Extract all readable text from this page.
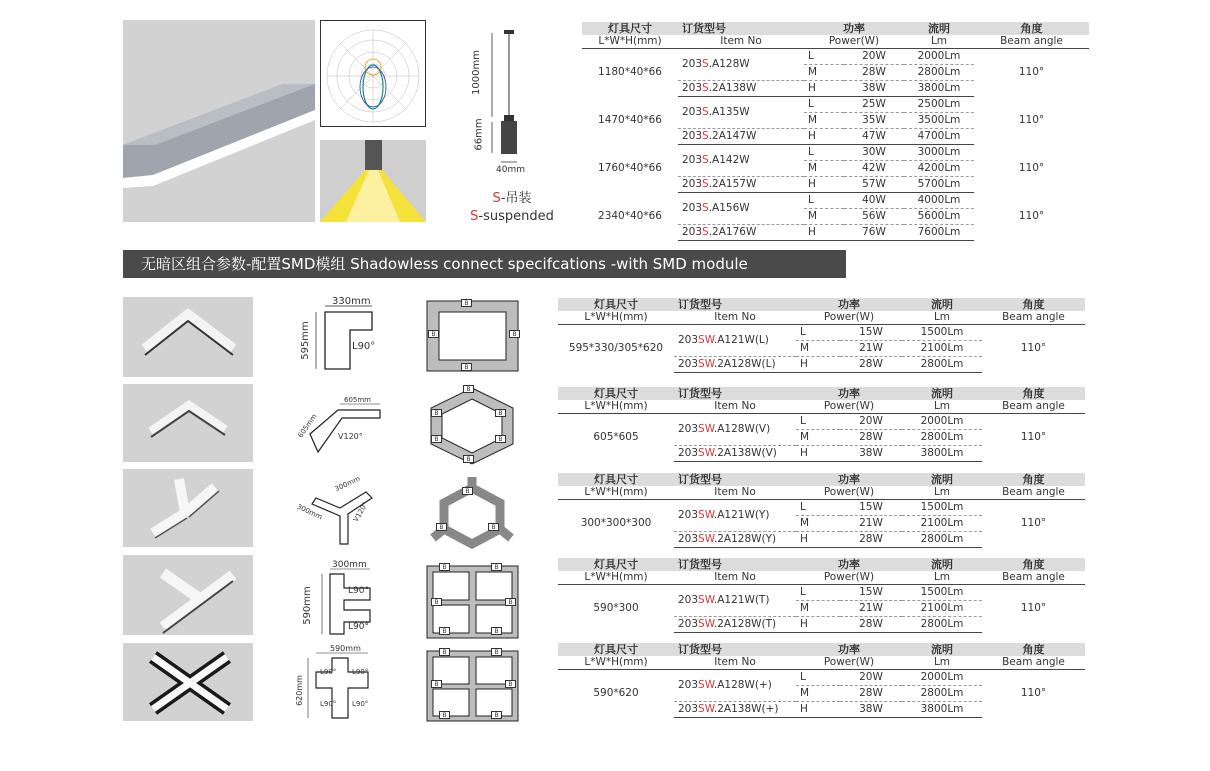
1000mm
66mm
40mm
S-吊装
S-suspended
灯具尺寸	订货型号	功率		流明	角度
L*W*H(mm)	Item No	Power(W)		Lm	Beam angle
1180*40*66	203S.A128W	L	20W	2000Lm	110°
		M	28W	2800Lm	
	203S.2A138W	H	38W	3800Lm	
1470*40*66	203S.A135W	L	25W	2500Lm	110°
		M	35W	3500Lm	
	203S.2A147W	H	47W	4700Lm	
1760*40*66	203S.A142W	L	30W	3000Lm	110°
		M	42W	4200Lm	
	203S.2A157W	H	57W	5700Lm	
2340*40*66	203S.A156W	L	40W	4000Lm	110°
		M	56W	5600Lm	
	203S.2A176W	H	76W	7600Lm	
无暗区组合参数-配置SMD模组 Shadowless connect specifcations -with SMD module
330mm
595mm	L90°
605mm
605mm V120°
300mm
300mm	V120°
300mm
590mm	L90°
L90°
590mm
620mm
L90° L90°
L90° L90°
B
B
B	B
B
B
B	B
B	B
B
B	B
B	B
B	B
B	B
B	B
B	B
B	B
灯具尺寸	订货型号	功率		流明	角度
L*W*H(mm)	Item No	Power(W)		Lm	Beam angle
595*330/305*620	203SW.A121W(L)	L	15W	1500Lm	110°
		M	21W	2100Lm	
	203SW.2A128W(L)	H	28W	2800Lm	
灯具尺寸	订货型号	功率		流明	角度
L*W*H(mm)	Item No	Power(W)		Lm	Beam angle
605*605	203SW.A128W(V)	L	20W	2000Lm	110°
		M	28W	2800Lm	
	203SW.2A138W(V)	H	38W	3800Lm	
灯具尺寸	订货型号	功率		流明	角度
L*W*H(mm)	Item No	Power(W)		Lm	Beam angle
300*300*300	203SW.A121W(Y)	L	15W	1500Lm	110°
		M	21W	2100Lm	
	203SW.2A128W(Y)	H	28W	2800Lm	
灯具尺寸	订货型号	功率		流明	角度
L*W*H(mm)	Item No	Power(W)		Lm	Beam angle
590*300	203SW.A121W(T)	L	15W	1500Lm	110°
		M	21W	2100Lm	
	203SW.2A128W(T)	H	28W	2800Lm	
灯具尺寸	订货型号	功率		流明	角度
L*W*H(mm)	Item No	Power(W)		Lm	Beam angle
590*620	203SW.A128W(+)	L	20W	2000Lm	110°
		M	28W	2800Lm	
	203SW.2A138W(+)	H	38W	3800Lm	
